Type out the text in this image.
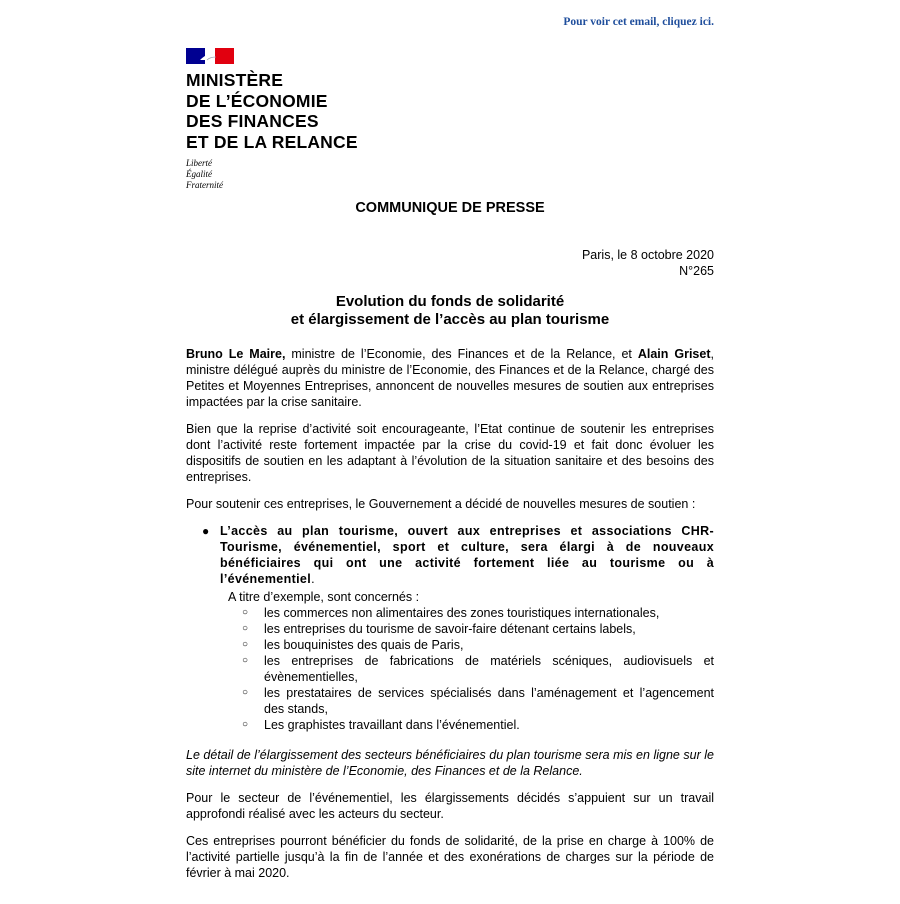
Pour voir cet email, cliquez ici.
MINISTÈRE
DE L’ÉCONOMIE
DES FINANCES
ET DE LA RELANCE
Liberté
Égalité
Fraternité
COMMUNIQUE DE PRESSE
Paris, le 8 octobre 2020
N°265
Evolution du fonds de solidarité
et élargissement de l’accès au plan tourisme

Bruno Le Maire, ministre de l’Economie, des Finances et de la Relance, et Alain Griset, ministre délégué auprès du ministre de l’Economie, des Finances et de la Relance, chargé des Petites et Moyennes Entreprises, annoncent de nouvelles mesures de soutien aux entreprises impactées par la crise sanitaire.

Bien que la reprise d’activité soit encourageante, l’Etat continue de soutenir les entreprises dont l’activité reste fortement impactée par la crise du covid-19 et fait donc évoluer les dispositifs de soutien en les adaptant à l’évolution de la situation sanitaire et des besoins des entreprises.

Pour soutenir ces entreprises, le Gouvernement a décidé de nouvelles mesures de soutien :

● L’accès au plan tourisme, ouvert aux entreprises et associations CHR-Tourisme, événementiel, sport et culture, sera élargi à de nouveaux bénéficiaires qui ont une activité fortement liée au tourisme ou à l’événementiel.
A titre d’exemple, sont concernés :
○ les commerces non alimentaires des zones touristiques internationales,
○ les entreprises du tourisme de savoir-faire détenant certains labels,
○ les bouquinistes des quais de Paris,
○ les entreprises de fabrications de matériels scéniques, audiovisuels et évènementielles,
○ les prestataires de services spécialisés dans l’aménagement et l’agencement des stands,
○ Les graphistes travaillant dans l’événementiel.

Le détail de l’élargissement des secteurs bénéficiaires du plan tourisme sera mis en ligne sur le site internet du ministère de l’Economie, des Finances et de la Relance.

Pour le secteur de l’événementiel, les élargissements décidés s’appuient sur un travail approfondi réalisé avec les acteurs du secteur.

Ces entreprises pourront bénéficier du fonds de solidarité, de la prise en charge à 100% de l’activité partielle jusqu’à la fin de l’année et des exonérations de charges sur la période de février à mai 2020.
